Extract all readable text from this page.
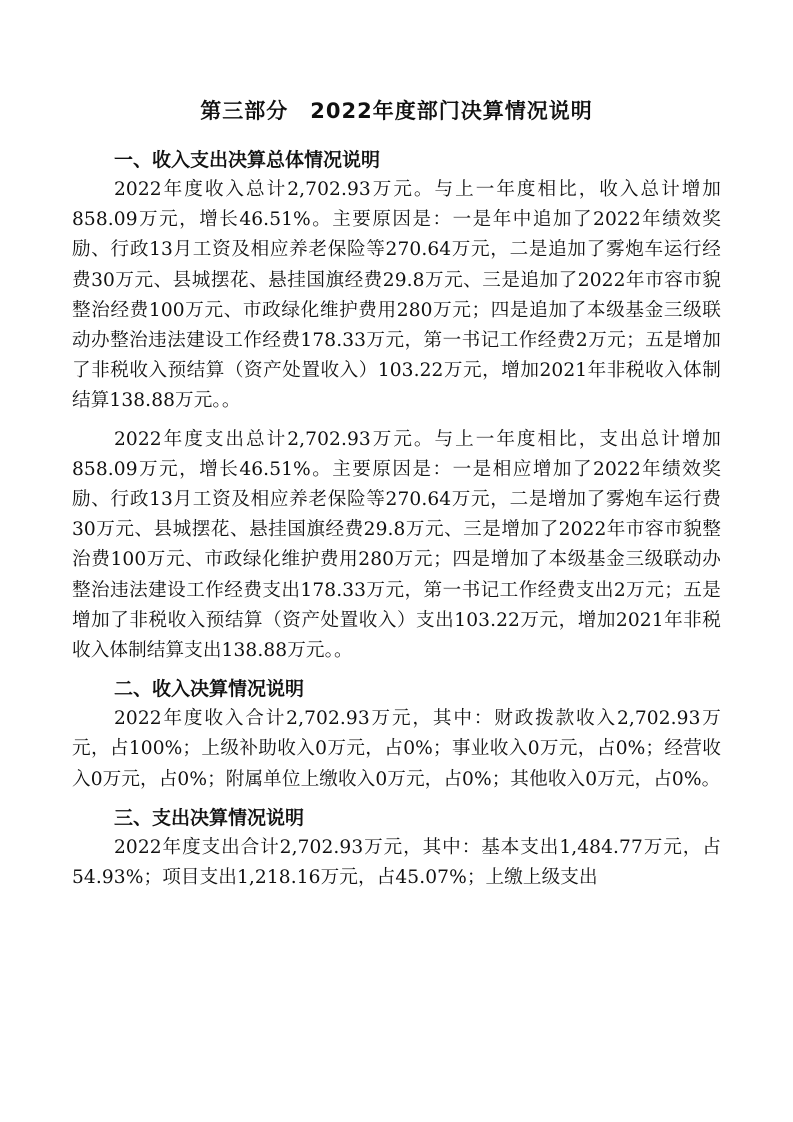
第三部分　2022年度部门决算情况说明
一、收入支出决算总体情况说明

2022年度收入总计2,702.93万元。与上一年度相比，收入总计增加858.09万元，增长46.51%。主要原因是：一是年中追加了2022年绩效奖励、行政13月工资及相应养老保险等270.64万元，二是追加了雾炮车运行经费30万元、县城摆花、悬挂国旗经费29.8万元、三是追加了2022年市容市貌整治经费100万元、市政绿化维护费用280万元；四是追加了本级基金三级联动办整治违法建设工作经费178.33万元，第一书记工作经费2万元；五是增加了非税收入预结算（资产处置收入）103.22万元，增加2021年非税收入体制结算138.88万元。。

2022年度支出总计2,702.93万元。与上一年度相比，支出总计增加858.09万元，增长46.51%。主要原因是：一是相应增加了2022年绩效奖励、行政13月工资及相应养老保险等270.64万元，二是增加了雾炮车运行费30万元、县城摆花、悬挂国旗经费29.8万元、三是增加了2022年市容市貌整治费100万元、市政绿化维护费用280万元；四是增加了本级基金三级联动办整治违法建设工作经费支出178.33万元，第一书记工作经费支出2万元；五是增加了非税收入预结算（资产处置收入）支出103.22万元，增加2021年非税收入体制结算支出138.88万元。。

二、收入决算情况说明

2022年度收入合计2,702.93万元，其中：财政拨款收入2,702.93万元，占100%；上级补助收入0万元，占0%；事业收入0万元，占0%；经营收入0万元，占0%；附属单位上缴收入0万元，占0%；其他收入0万元，占0%。

三、支出决算情况说明

2022年度支出合计2,702.93万元，其中：基本支出1,484.77万元，占54.93%；项目支出1,218.16万元，占45.07%；上缴上级支出
